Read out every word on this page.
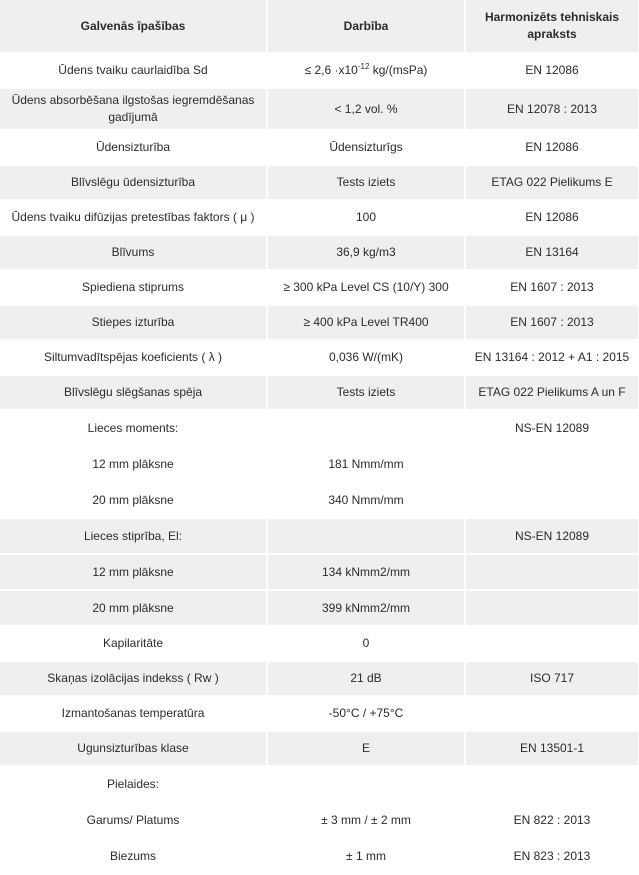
Galvenās īpašības	Darbība	Harmonizēts tehniskais apraksts
Ūdens tvaiku caurlaidība Sd	≤ $2,6 \cdot x10^{-12}$ kg/(msPa)	EN 12086
Ūdens absorbēšana ilgstošas iegremdēšanas gadījumā	< 1,2 vol. %	EN 12078 : 2013
Ūdensizturība	Ūdensizturīgs	EN 12086
Blīvslēgu ūdensizturība	Tests iziets	ETAG 022 Pielikums E
Ūdens tvaiku difūzijas pretestības faktors ( μ )	100	EN 12086
Blīvums	36,9 kg/m3	EN 13164
Spiediena stiprums	≥ 300 kPa Level CS (10/Y) 300	EN 1607 : 2013
Stiepes izturība	≥ 400 kPa Level TR400	EN 1607 : 2013
Siltumvadītspējas koeficients ( λ )	0,036 W/(mK)	EN 13164 : 2012 + A1 : 2015
Blīvslēgu slēgšanas spēja	Tests iziets	ETAG 022 Pielikums A un F
Lieces moments:		NS-EN 12089
12 mm plāksne	181 Nmm/mm	
20 mm plāksne	340 Nmm/mm	
Lieces stiprība, El:		NS-EN 12089
12 mm plāksne	134 kNmm2/mm	
20 mm plāksne	399 kNmm2/mm	
Kapilaritāte	0	
Skaņas izolācijas indekss ( Rw )	21 dB	ISO 717
Izmantošanas temperatūra	-50°C / +75°C	
Ugunsizturības klase	E	EN 13501-1
Pielaides:		
Garums/ Platums	± 3 mm / ± 2 mm	EN 822 : 2013
Biezums	± 1 mm	EN 823 : 2013
